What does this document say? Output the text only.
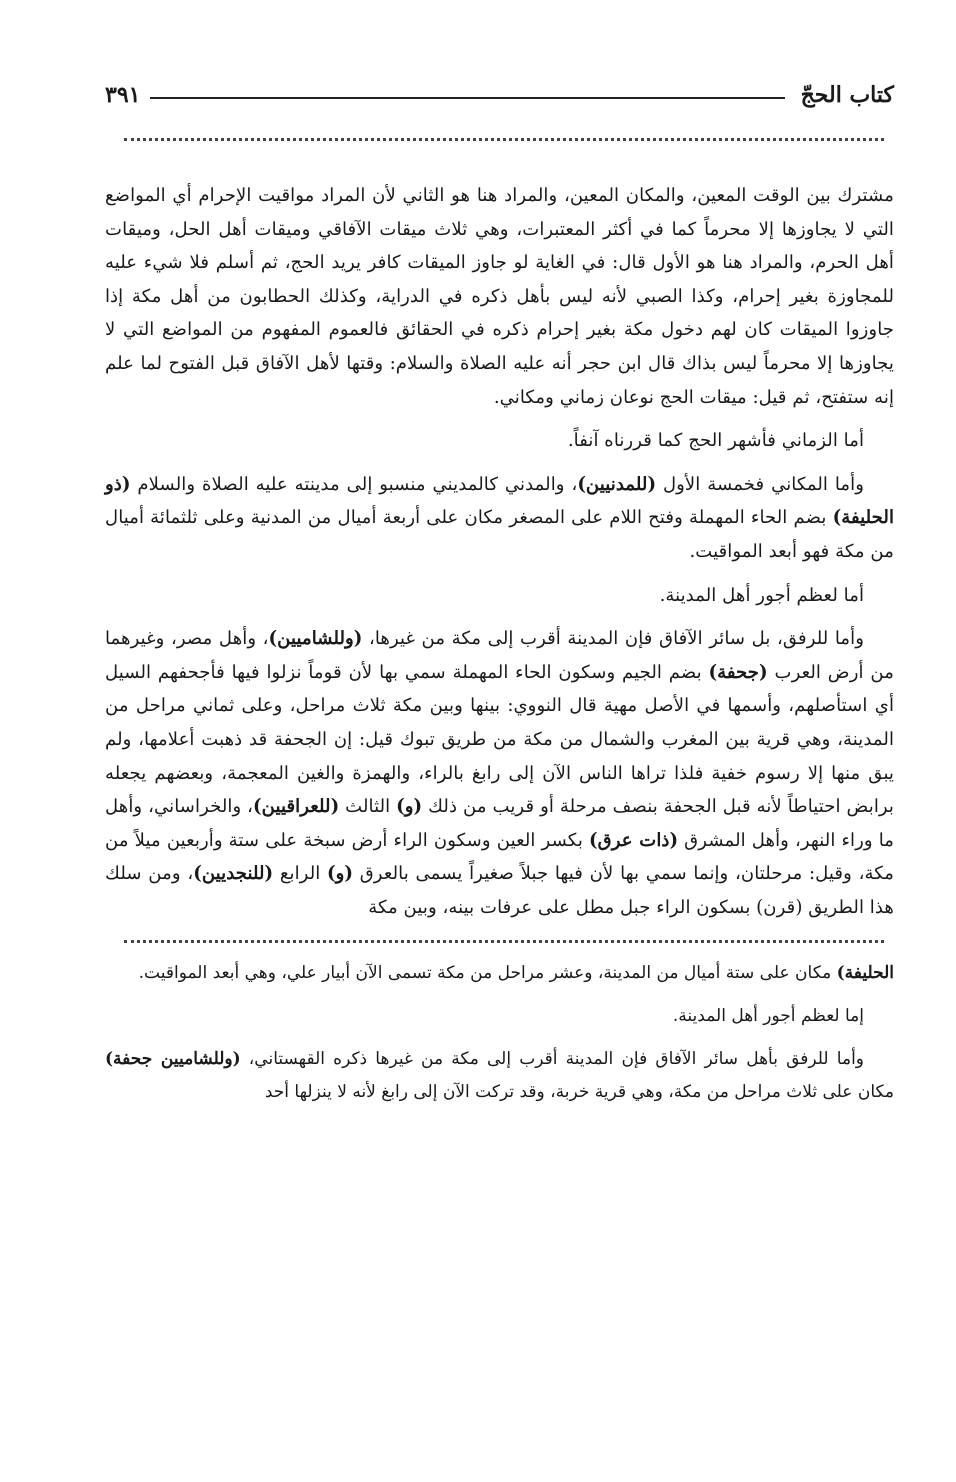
كتاب الحجّ
٣٩١

مشترك بين الوقت المعين، والمكان المعين، والمراد هنا هو الثاني لأن المراد مواقيت الإحرام أي المواضع التي لا يجاوزها إلا محرماً كما في أكثر المعتبرات، وهي ثلاث ميقات الآفاقي وميقات أهل الحل، وميقات أهل الحرم، والمراد هنا هو الأول قال: في الغاية لو جاوز الميقات كافر يريد الحج، ثم أسلم فلا شيء عليه للمجاوزة بغير إحرام، وكذا الصبي لأنه ليس بأهل ذكره في الدراية، وكذلك الحطابون من أهل مكة إذا جاوزوا الميقات كان لهم دخول مكة بغير إحرام ذكره في الحقائق فالعموم المفهوم من المواضع التي لا يجاوزها إلا محرماً ليس بذاك قال ابن حجر أنه عليه الصلاة والسلام: وقتها لأهل الآفاق قبل الفتوح لما علم إنه ستفتح، ثم قيل: ميقات الحج نوعان زماني ومكاني.

أما الزماني فأشهر الحج كما قررناه آنفاً.

وأما المكاني فخمسة الأول (للمدنيين)، والمدني كالمديني منسبو إلى مدينته عليه الصلاة والسلام (ذو الحليفة) بضم الحاء المهملة وفتح اللام على المصغر مكان على أربعة أميال من المدنية وعلى ثلثمائة أميال من مكة فهو أبعد المواقيت.

أما لعظم أجور أهل المدينة.

وأما للرفق، بل سائر الآفاق فإن المدينة أقرب إلى مكة من غيرها، (وللشاميين)، وأهل مصر، وغيرهما من أرض العرب (جحفة) بضم الجيم وسكون الحاء المهملة سمي بها لأن قوماً نزلوا فيها فأجحفهم السيل أي استأصلهم، وأسمها في الأصل مهية قال النووي: بينها وبين مكة ثلاث مراحل، وعلى ثماني مراحل من المدينة، وهي قرية بين المغرب والشمال من مكة من طريق تبوك قيل: إن الجحفة قد ذهبت أعلامها، ولم يبق منها إلا رسوم خفية فلذا تراها الناس الآن إلى رابغ بالراء، والهمزة والغين المعجمة، وبعضهم يجعله برابض احتياطاً لأنه قبل الجحفة بنصف مرحلة أو قريب من ذلك (و) الثالث (للعراقيين)، والخراساني، وأهل ما وراء النهر، وأهل المشرق (ذات عرق) بكسر العين وسكون الراء أرض سبخة على ستة وأربعين ميلاً من مكة، وقيل: مرحلتان، وإنما سمي بها لأن فيها جبلاً صغيراً يسمى بالعرق (و) الرابع (للنجديين)، ومن سلك هذا الطريق (قرن) بسكون الراء جبل مطل على عرفات بينه، وبين مكة

الحليفة) مكان على ستة أميال من المدينة، وعشر مراحل من مكة تسمى الآن أبيار علي، وهي أبعد المواقيت.

إما لعظم أجور أهل المدينة.

وأما للرفق بأهل سائر الآفاق فإن المدينة أقرب إلى مكة من غيرها ذكره القهستاني، (وللشاميين جحفة) مكان على ثلاث مراحل من مكة، وهي قرية خربة، وقد تركت الآن إلى رابغ لأنه لا ينزلها أحد
